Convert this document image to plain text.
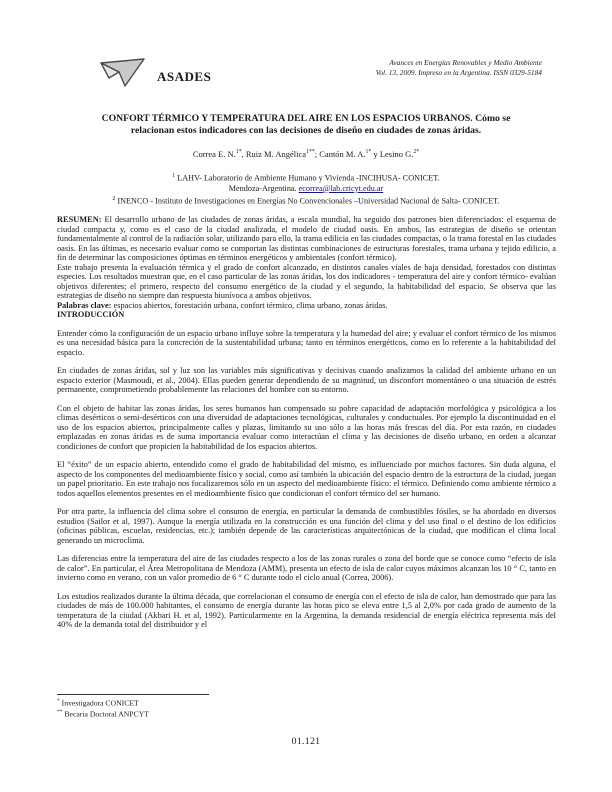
ASADES
Avances en Energías Renovables y Medio Ambiente
Vol. 13, 2009. Impreso en la Argentina. ISSN 0329-5184
CONFORT TÉRMICO Y TEMPERATURA DEL AIRE EN LOS ESPACIOS URBANOS. Cómo se
relacionan estos indicadores con las decisiones de diseño en ciudades de zonas áridas.
Correa E. N.$^{1*}$, Ruiz M. Angélica$^{1**}$; Cantón M. A.$^{1*}$ y Lesino G.$^{2*}$

$^1$ LAHV- Laboratorio de Ambiente Humano y Vivienda -INCIHUSA- CONICET.

Mendoza-Argentina. ecorrea@lab.cricyt.edu.ar

$^2$ INENCO - Instituto de Investigaciones en Energías No Convencionales –Universidad Nacional de Salta- CONICET.

RESUMEN: El desarrollo urbano de las ciudades de zonas áridas, a escala mundial, ha seguido dos patrones bien diferenciados: el esquema de ciudad compacta y, como es el caso de la ciudad analizada, el modelo de ciudad oasis. En ambos, las estrategias de diseño se orientan fundamentalmente al control de la radiación solar, utilizando para ello, la trama edilicia en las ciudades compactas, o la trama forestal en las ciudades oasis. En las últimas, es necesario evaluar como se comportan las distintas combinaciones de estructuras forestales, trama urbana y tejido edilicio, a fin de determinar las composiciones óptimas en términos energéticos y ambientales (confort térmico).

Este trabajo presenta la evaluación térmica y el grado de confort alcanzado, en distintos canales viales de baja densidad, forestados con distintas especies. Los resultados muestran que, en el caso particular de las zonas áridas, los dos indicadores - temperatura del aire y confort térmico- evalúan objetivos diferentes; el primero, respecto del consumo energético de la ciudad y el segundo, la habitabilidad del espacio. Se observa que las estrategias de diseño no siempre dan respuesta biunívoca a ambos objetivos.

Palabras clave: espacios abiertos, forestación urbana, confort térmico, clima urbano, zonas áridas.

INTRODUCCIÓN

Entender cómo la configuración de un espacio urbano influye sobre la temperatura y la humedad del aire; y evaluar el confort térmico de los mismos es una necesidad básica para la concreción de la sustentabilidad urbana; tanto en términos energéticos, como en lo referente a la habitabilidad del espacio.

En ciudades de zonas áridas, sol y luz son las variables más significativas y decisivas cuando analizamos la calidad del ambiente urbano en un espacio exterior (Masmoudi, et al., 2004). Ellas pueden generar dependiendo de su magnitud, un disconfort momentáneo o una situación de estrés permanente, comprometiendo probablemente las relaciones del hombre con su entorno.

Con el objeto de habitar las zonas áridas, los seres humanos han compensado su pobre capacidad de adaptación morfológica y psicológica a los climas desérticos o semi-desérticos con una diversidad de adaptaciones tecnológicas, culturales y conductuales. Por ejemplo la discontinuidad en el uso de los espacios abiertos, principalmente calles y plazas, limitando su uso sólo a las horas más frescas del día. Por esta razón, en ciudades emplazadas en zonas áridas es de suma importancia evaluar como interactúan el clima y las decisiones de diseño urbano, en orden a alcanzar condiciones de confort que propicien la habitabilidad de los espacios abiertos.

El “éxito” de un espacio abierto, entendido como el grado de habitabilidad del mismo, es influenciado por muchos factores. Sin duda alguna, el aspecto de los componentes del medioambiente físico y social, como así también la ubicación del espacio dentro de la estructura de la ciudad, juegan un papel prioritario. En este trabajo nos focalizaremos sólo en un aspecto del medioambiente físico: el térmico. Definiendo como ambiente térmico a todos aquellos elementos presentes en el medioambiente físico que condicionan el confort térmico del ser humano.

Por otra parte, la influencia del clima sobre el consumo de energía, en particular la demanda de combustibles fósiles, se ha abordado en diversos estudios (Sailor et al, 1997). Aunque la energía utilizada en la construcción es una función del clima y del uso final o el destino de los edificios (oficinas públicas, escuelas, residencias, etc.); también depende de las características arquitectónicas de la ciudad, que modifican el clima local generando un microclima.

Las diferencias entre la temperatura del aire de las ciudades respecto a los de las zonas rurales o zona del borde que se conoce como “efecto de isla de calor”. En particular, el Área Metropolitana de Mendoza (AMM), presenta un efecto de isla de calor cuyos máximos alcanzan los 10 ° C, tanto en invierno como en verano, con un valor promedio de 6 ° C durante todo el ciclo anual (Correa, 2006).

Los estudios realizados durante la última década, que correlacionan el consumo de energía con el efecto de isla de calor, han demostrado que para las ciudades de más de 100.000 habitantes, el consumo de energía durante las horas pico se eleva entre 1,5 al 2,0% por cada grado de aumento de la temperatura de la ciudad (Akbari H. et al, 1992). Particularmente en la Argentina, la demanda residencial de energía eléctrica representa más del 40% de la demanda total del distribuidor y el

* Investigadora CONICET

** Becaria Doctoral ANPCYT

01.121
